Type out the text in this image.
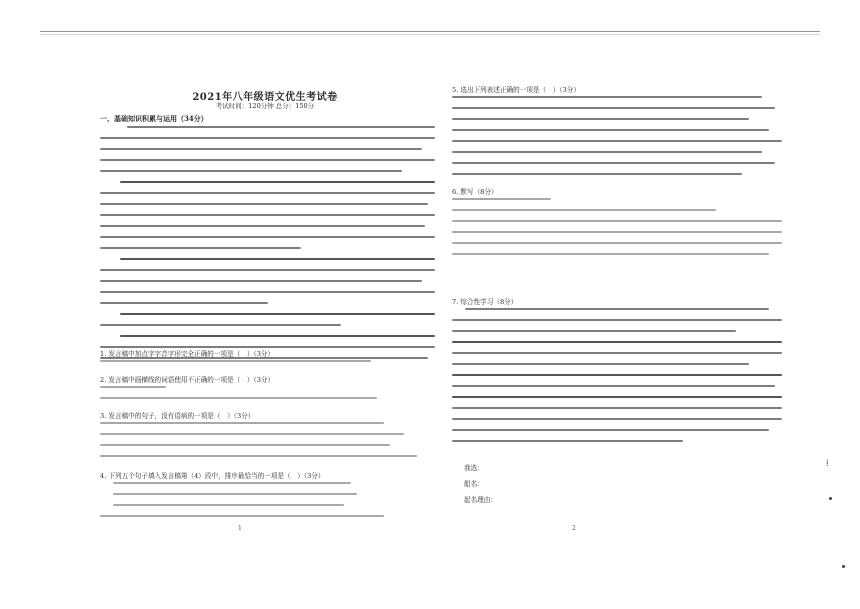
2021年八年级语文优生考试卷
考试时间：120分钟 总分：150分
一、基础知识积累与运用（34分）
1. 发言稿中加点字字音字形完全正确的一项是（　）（3分）
2. 发言稿中画横线的词语使用不正确的一项是（　）（3分）
3. 发言稿中的句子，没有语病的一项是（　）（3分）
4. 下列五个句子填入发言稿第（4）段中，排序最恰当的一项是（　）（3分）
1
5. 选出下列表述正确的一项是（　）（3分）
6. 默写（8分）
7. 综合性学习（8分）
我选：
船名：
起名理由：
2
⁞
